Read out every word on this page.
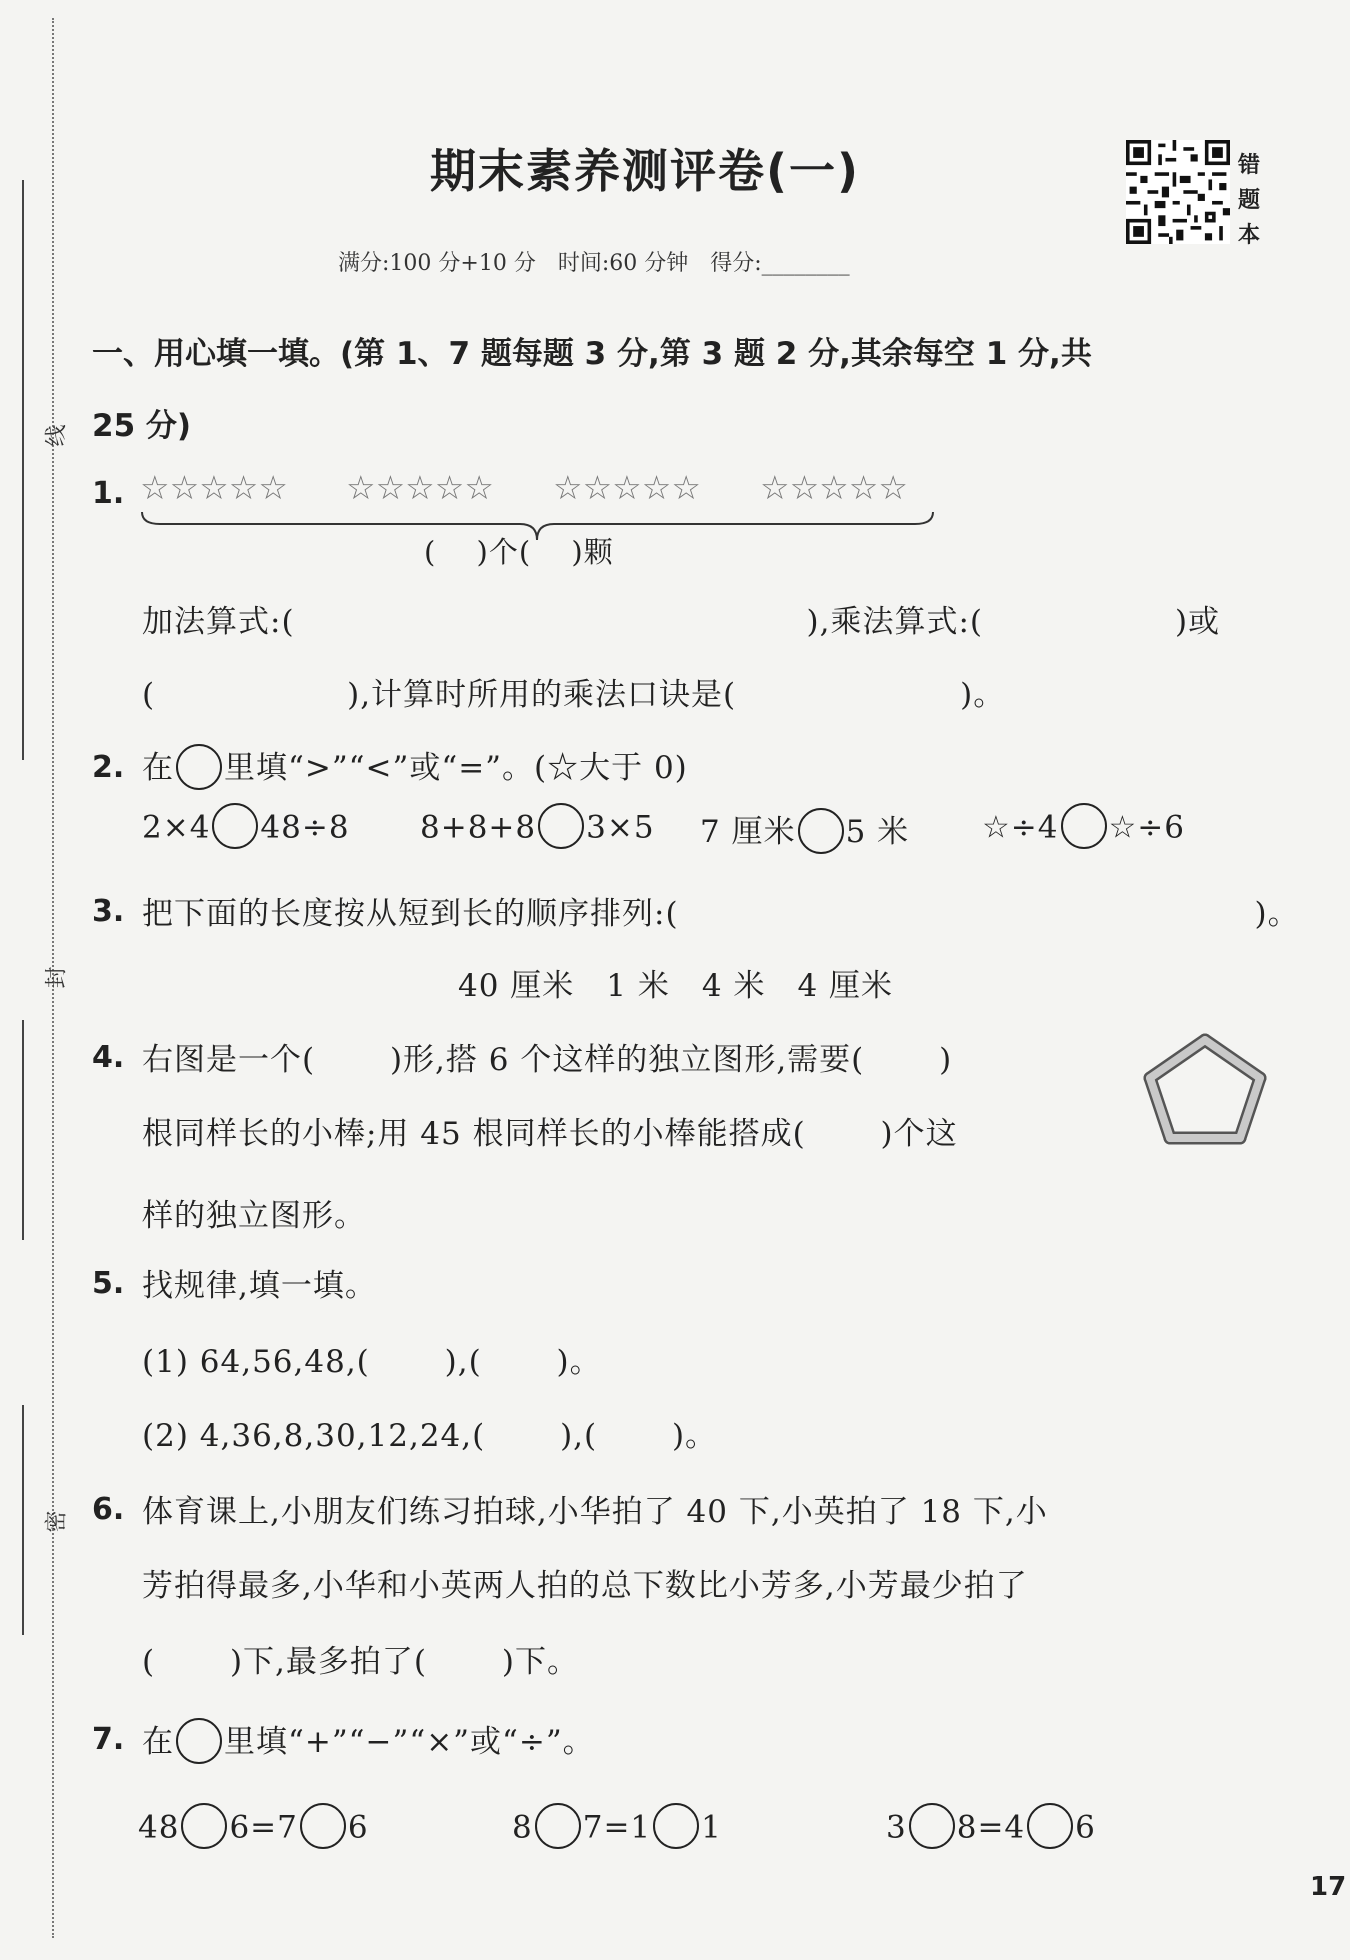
线
封
密
期末素养测评卷(一)
满分:100 分+10 分　时间:60 分钟　得分:________
错
题
本
一、用心填一填。(第 1、7 题每题 3 分,第 3 题 2 分,其余每空 1 分,共
25 分)
1. ☆☆☆☆☆ ☆☆☆☆☆ ☆☆☆☆☆ ☆☆☆☆☆
(　 )个(　 )颗
加法算式:(　　　　　　　　　　　　　　　　),乘法算式:(　　　　　　)或
(　　　　　　),计算时所用的乘法口诀是(　　　　　　　)。
2. 在 里填“>”“<”或“=”。(☆大于 0)
2×4 48÷8 8+8+8 3×5 7 厘米 5 米 ☆÷4 ☆÷6
3. 把下面的长度按从短到长的顺序排列:(　　　　　　　　　　　　　　　　　　)。
40 厘米　1 米　4 米　4 厘米
4. 右图是一个(　　 )形,搭 6 个这样的独立图形,需要(　　 )
根同样长的小棒;用 45 根同样长的小棒能搭成(　　 )个这
样的独立图形。
5. 找规律,填一填。
(1) 64,56,48,(　　 ),(　　 )。
(2) 4,36,8,30,12,24,(　　 ),(　　 )。
6. 体育课上,小朋友们练习拍球,小华拍了 40 下,小英拍了 18 下,小
芳拍得最多,小华和小英两人拍的总下数比小芳多,小芳最少拍了
(　　 )下,最多拍了(　　 )下。
7. 在 里填“+”“−”“×”或“÷”。
48 6=7 6	8 7=1 1	3 8=4 6
17
